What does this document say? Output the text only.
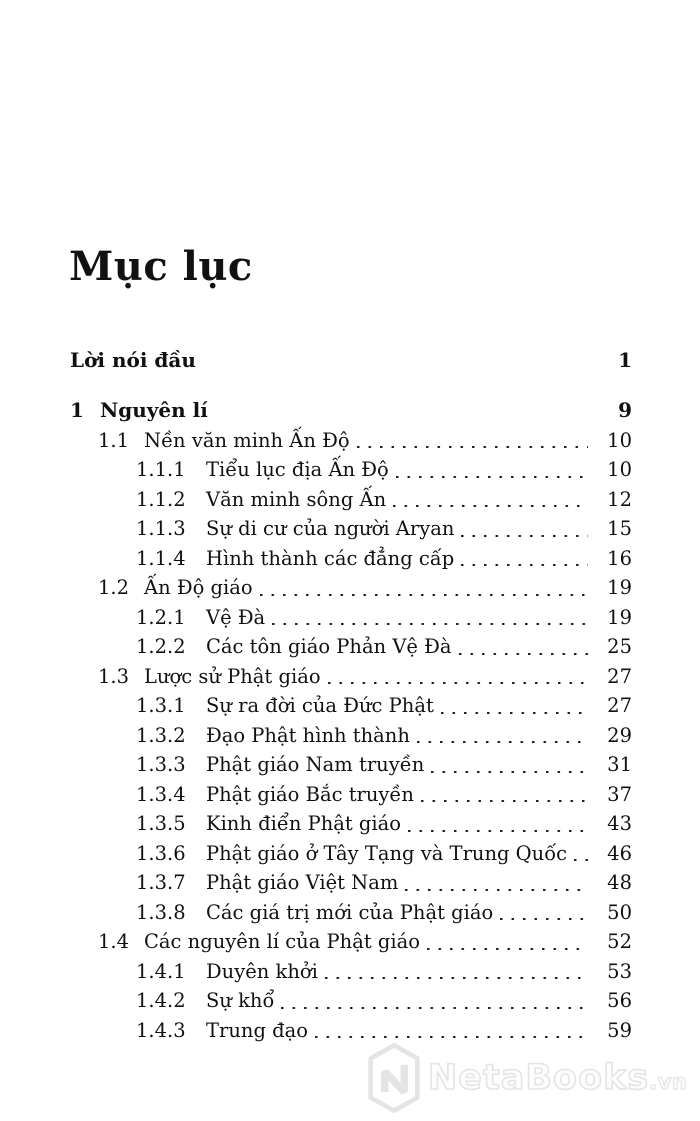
Mục lục
Lời nói đầu	1
1 Nguyên lí	9
1.1 Nền văn minh Ấn Độ	10
1.1.1	Tiểu lục địa Ấn Độ	10
1.1.2	Văn minh sông Ấn	12
1.1.3	Sự di cư của người Aryan	15
1.1.4	Hình thành các đẳng cấp	16
1.2 Ấn Độ giáo	19
1.2.1	Vệ Đà	19
1.2.2	Các tôn giáo Phản Vệ Đà	25
1.3 Lược sử Phật giáo	27
1.3.1	Sự ra đời của Đức Phật	27
1.3.2	Đạo Phật hình thành	29
1.3.3	Phật giáo Nam truyền	31
1.3.4	Phật giáo Bắc truyền	37
1.3.5	Kinh điển Phật giáo	43
1.3.6	Phật giáo ở Tây Tạng và Trung Quốc	46
1.3.7	Phật giáo Việt Nam	48
1.3.8	Các giá trị mới của Phật giáo	50
1.4 Các nguyên lí của Phật giáo	52
1.4.1	Duyên khởi	53
1.4.2	Sự khổ	56
1.4.3	Trung đạo	59
NetaBooks.vn
